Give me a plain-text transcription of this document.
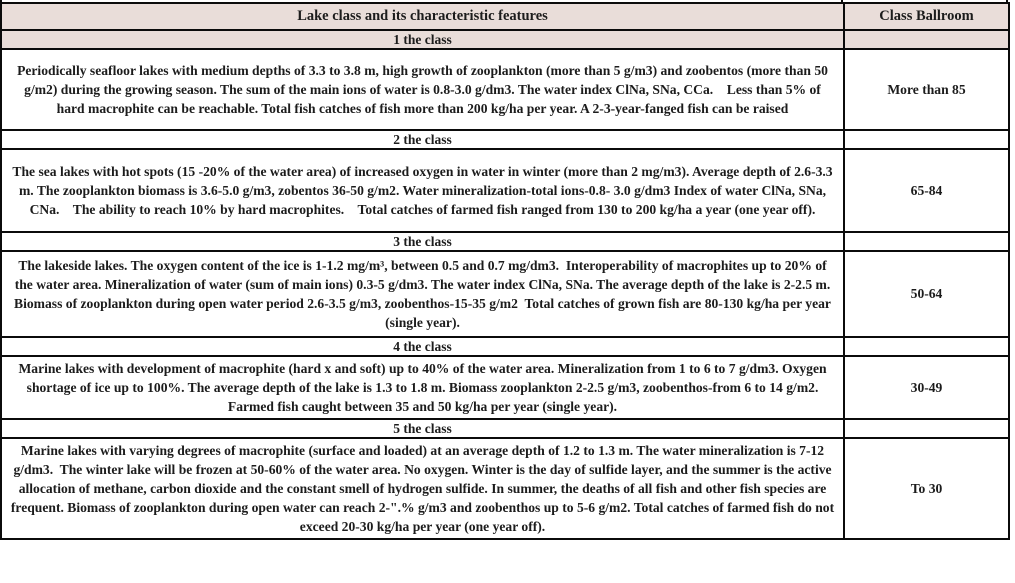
Lake class and its characteristic features	Class Ballroom
1 the class	
Periodically seafloor lakes with medium depths of 3.3 to 3.8 m, high growth of zooplankton (more than 5 g/m3) and zoobentos (more than 50 g/m2) during the growing season. The sum of the main ions of water is 0.8-3.0 g/dm3. The water index ClNa, SNa, CCa.    Less than 5% of hard macrophite can be reachable. Total fish catches of fish more than 200 kg/ha per year. A 2-3-year-fanged fish can be raised	More than 85
2 the class	
The sea lakes with hot spots (15 -20% of the water area) of increased oxygen in water in winter (more than 2 mg/m3). Average depth of 2.6-3.3 m. The zooplankton biomass is 3.6-5.0 g/m3, zobentos 36-50 g/m2. Water mineralization-total ions-0.8- 3.0 g/dm3 Index of water ClNa, SNa, CNa.    The ability to reach 10% by hard macrophites.    Total catches of farmed fish ranged from 130 to 200 kg/ha a year (one year off).	65-84
3 the class	
The lakeside lakes. The oxygen content of the ice is 1-1.2 mg/m³, between 0.5 and 0.7 mg/dm3.  Interoperability of macrophites up to 20% of the water area. Mineralization of water (sum of main ions) 0.3-5 g/dm3. The water index ClNa, SNa. The average depth of the lake is 2-2.5 m. Biomass of zooplankton during open water period 2.6-3.5 g/m3, zoobenthos-15-35 g/m2  Total catches of grown fish are 80-130 kg/ha per year (single year).	50-64
4 the class	
Marine lakes with development of macrophite (hard x and soft) up to 40% of the water area. Mineralization from 1 to 6 to 7 g/dm3. Oxygen shortage of ice up to 100%. The average depth of the lake is 1.3 to 1.8 m. Biomass zooplankton 2-2.5 g/m3, zoobenthos-from 6 to 14 g/m2. Farmed fish caught between 35 and 50 kg/ha per year (single year).	30-49
5 the class	
Marine lakes with varying degrees of macrophite (surface and loaded) at an average depth of 1.2 to 1.3 m. The water mineralization is 7-12 g/dm3.  The winter lake will be frozen at 50-60% of the water area. No oxygen. Winter is the day of sulfide layer, and the summer is the active allocation of methane, carbon dioxide and the constant smell of hydrogen sulfide. In summer, the deaths of all fish and other fish species are frequent. Biomass of zooplankton during open water can reach 2-".% g/m3 and zoobenthos up to 5-6 g/m2. Total catches of farmed fish do not exceed 20-30 kg/ha per year (one year off).	To 30
